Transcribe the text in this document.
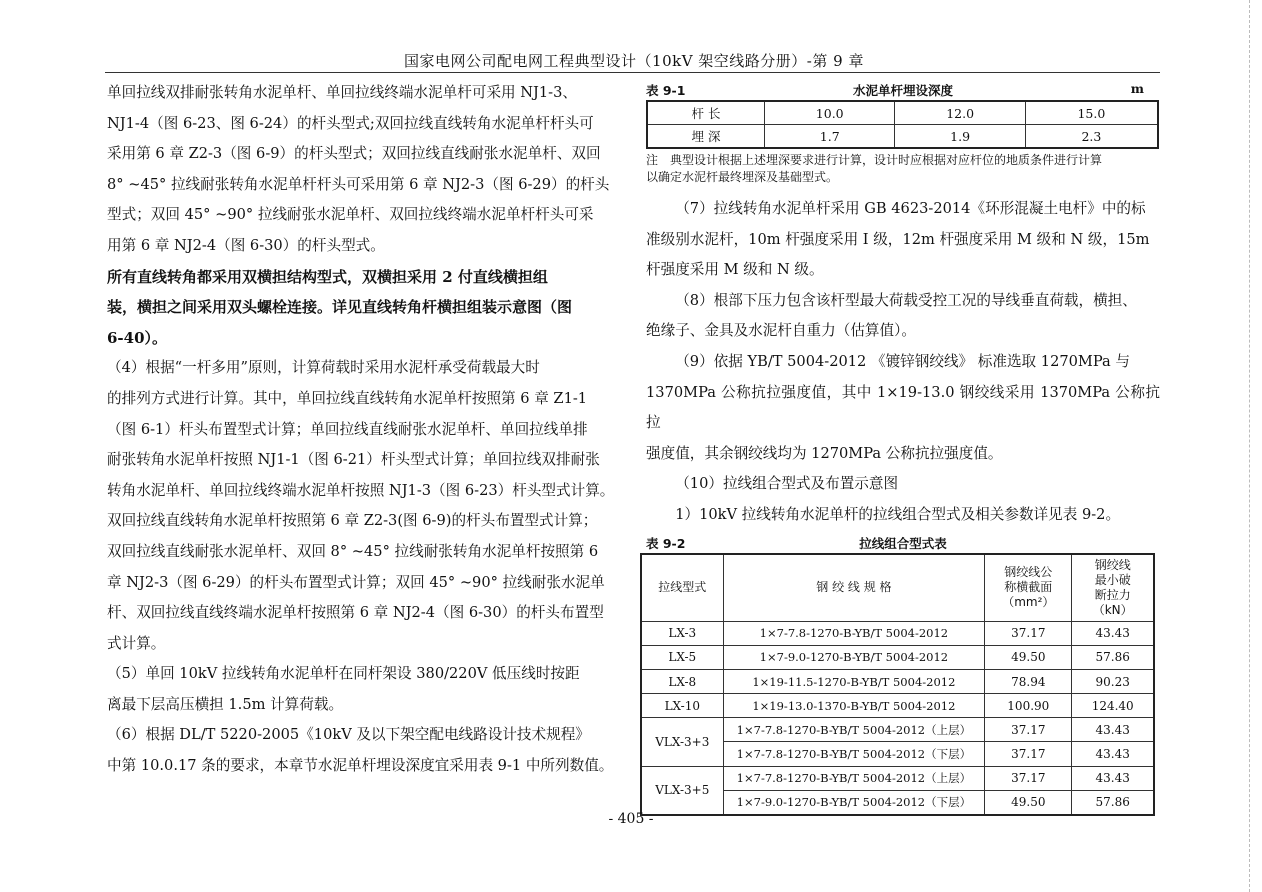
国家电网公司配电网工程典型设计（10kV 架空线路分册）-第 9 章

单回拉线双排耐张转角水泥单杆、单回拉线终端水泥单杆可采用 NJ1-3、
NJ1-4（图 6-23、图 6-24）的杆头型式;双回拉线直线转角水泥单杆杆头可
采用第 6 章 Z2-3（图 6-9）的杆头型式；双回拉线直线耐张水泥单杆、双回
8° ~45° 拉线耐张转角水泥单杆杆头可采用第 6 章 NJ2-3（图 6-29）的杆头
型式；双回 45° ~90° 拉线耐张水泥单杆、双回拉线终端水泥单杆杆头可采
用第 6 章 NJ2-4（图 6-30）的杆头型式。

所有直线转角都采用双横担结构型式，双横担采用 2 付直线横担组
装，横担之间采用双头螺栓连接。详见直线转角杆横担组装示意图（图
6-40）。

（4）根据“一杆多用”原则，计算荷载时采用水泥杆承受荷载最大时
的排列方式进行计算。其中，单回拉线直线转角水泥单杆按照第 6 章 Z1-1
（图 6-1）杆头布置型式计算；单回拉线直线耐张水泥单杆、单回拉线单排
耐张转角水泥单杆按照 NJ1-1（图 6-21）杆头型式计算；单回拉线双排耐张
转角水泥单杆、单回拉线终端水泥单杆按照 NJ1-3（图 6-23）杆头型式计算。
双回拉线直线转角水泥单杆按照第 6 章 Z2-3(图 6-9)的杆头布置型式计算；
双回拉线直线耐张水泥单杆、双回 8° ~45° 拉线耐张转角水泥单杆按照第 6
章 NJ2-3（图 6-29）的杆头布置型式计算；双回 45° ~90° 拉线耐张水泥单
杆、双回拉线直线终端水泥单杆按照第 6 章 NJ2-4（图 6-30）的杆头布置型
式计算。

（5）单回 10kV 拉线转角水泥单杆在同杆架设 380/220V 低压线时按距
离最下层高压横担 1.5m 计算荷载。

（6）根据 DL/T 5220-2005《10kV 及以下架空配电线路设计技术规程》
中第 10.0.17 条的要求，本章节水泥单杆埋设深度宜采用表 9-1 中所列数值。

表 9-1	水泥单杆埋设深度	m
杆 长	10.0	12.0	15.0
埋 深	1.7	1.9	2.3
注　典型设计根据上述埋深要求进行计算，设计时应根据对应杆位的地质条件进行计算
以确定水泥杆最终埋深及基础型式。

（7）拉线转角水泥单杆采用 GB 4623-2014《环形混凝土电杆》中的标
准级别水泥杆，10m 杆强度采用 I 级，12m 杆强度采用 M 级和 N 级，15m
杆强度采用 M 级和 N 级。

（8）根部下压力包含该杆型最大荷载受控工况的导线垂直荷载，横担、
绝缘子、金具及水泥杆自重力（估算值）。

（9）依据 YB/T 5004-2012 《镀锌钢绞线》 标准选取 1270MPa 与
1370MPa 公称抗拉强度值，其中 1×19-13.0 钢绞线采用 1370MPa 公称抗拉
强度值，其余钢绞线均为 1270MPa 公称抗拉强度值。

（10）拉线组合型式及布置示意图

1）10kV 拉线转角水泥单杆的拉线组合型式及相关参数详见表 9-2。

表 9-2	拉线组合型式表
拉线型式	钢 绞 线 规 格	钢绞线公
称横截面
（mm²）	钢绞线
最小破
断拉力
（kN）
LX-3	1×7-7.8-1270-B-YB/T 5004-2012	37.17	43.43
LX-5	1×7-9.0-1270-B-YB/T 5004-2012	49.50	57.86
LX-8	1×19-11.5-1270-B-YB/T 5004-2012	78.94	90.23
LX-10	1×19-13.0-1370-B-YB/T 5004-2012	100.90	124.40
VLX-3+3	1×7-7.8-1270-B-YB/T 5004-2012（上层）	37.17	43.43
	1×7-7.8-1270-B-YB/T 5004-2012（下层）	37.17	43.43
VLX-3+5	1×7-7.8-1270-B-YB/T 5004-2012（上层）	37.17	43.43
	1×7-9.0-1270-B-YB/T 5004-2012（下层）	49.50	57.86
- 405 -
